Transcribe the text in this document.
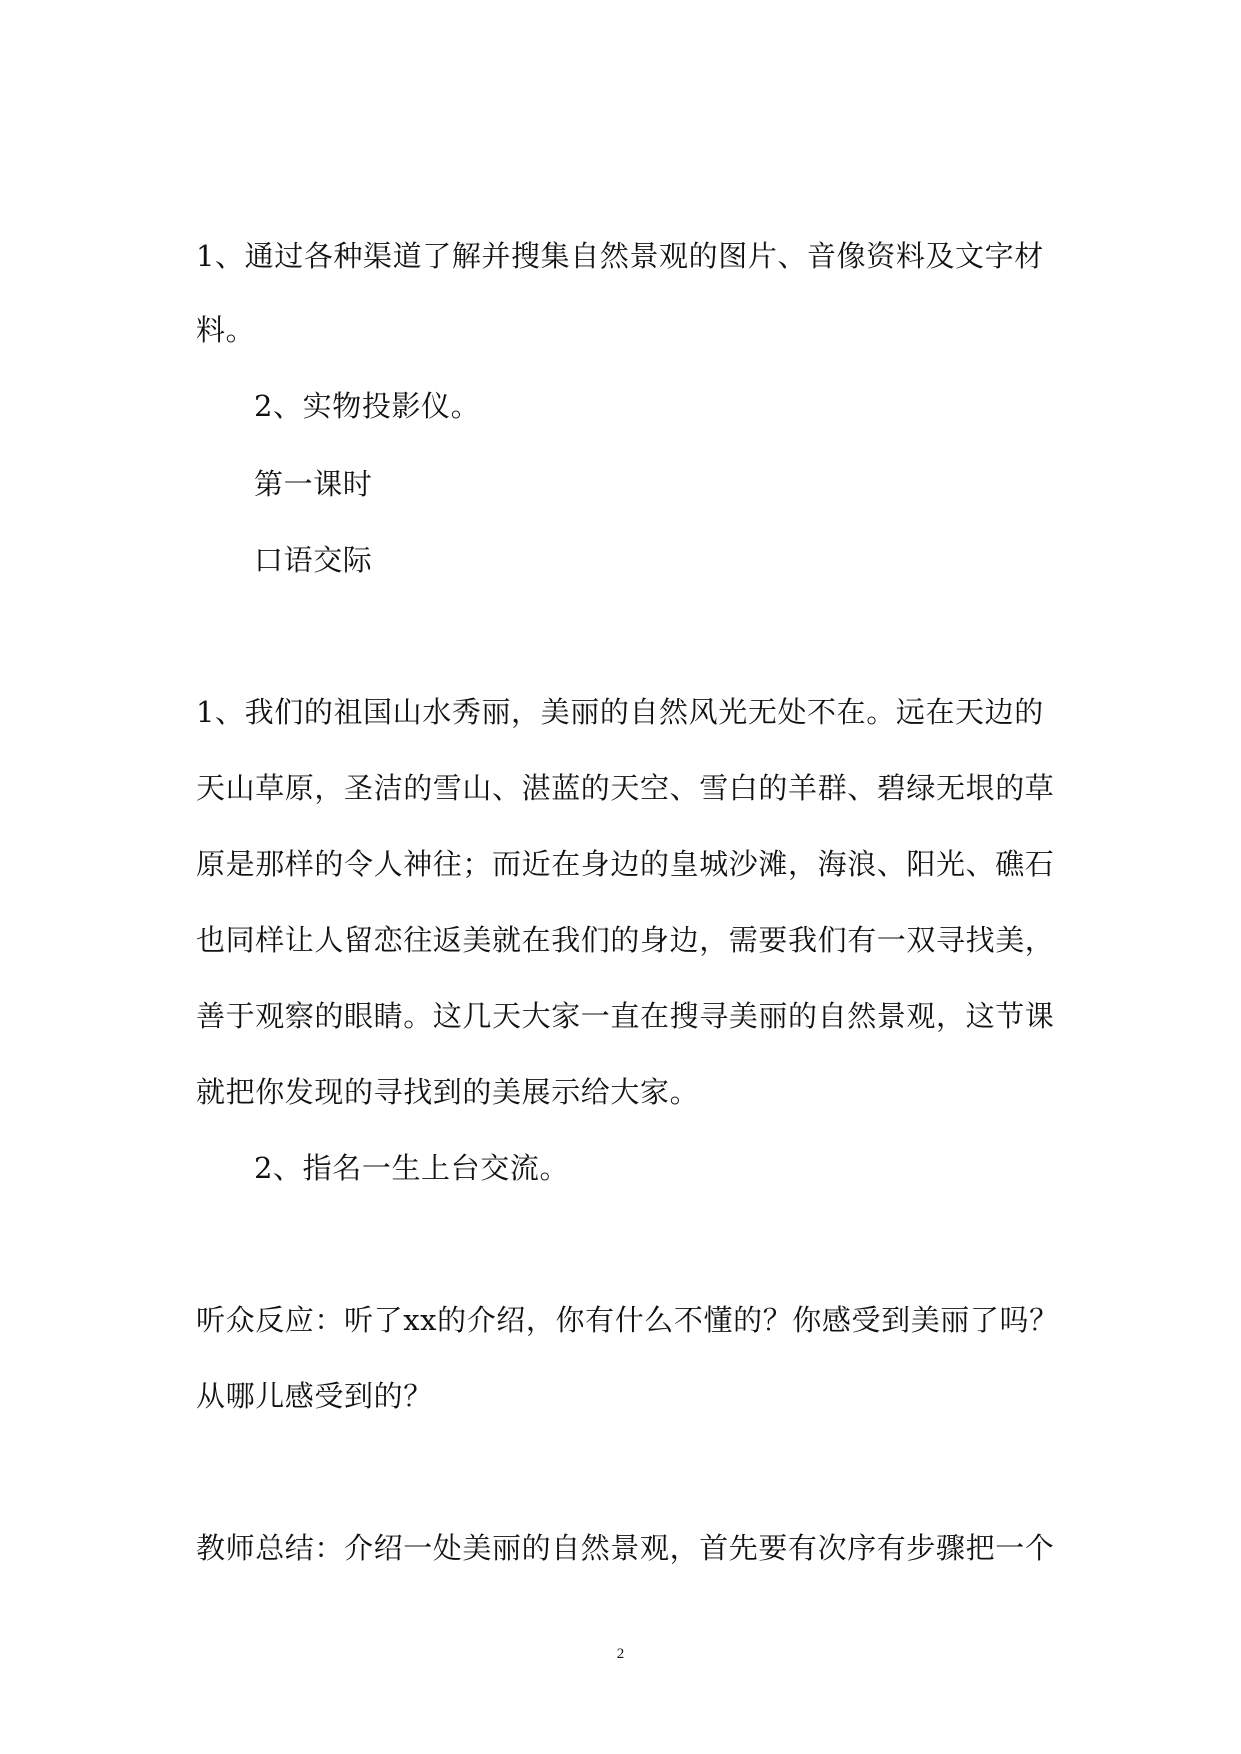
1、通过各种渠道了解并搜集自然景观的图片、音像资料及文字材
料。
2、实物投影仪。
第一课时
口语交际
1、我们的祖国山水秀丽，美丽的自然风光无处不在。远在天边的
天山草原，圣洁的雪山、湛蓝的天空、雪白的羊群、碧绿无垠的草
原是那样的令人神往；而近在身边的皇城沙滩，海浪、阳光、礁石
也同样让人留恋往返美就在我们的身边，需要我们有一双寻找美，
善于观察的眼睛。这几天大家一直在搜寻美丽的自然景观，这节课
就把你发现的寻找到的美展示给大家。
2、指名一生上台交流。
听众反应：听了xx的介绍，你有什么不懂的？你感受到美丽了吗？
从哪儿感受到的？
教师总结：介绍一处美丽的自然景观，首先要有次序有步骤把一个
2
